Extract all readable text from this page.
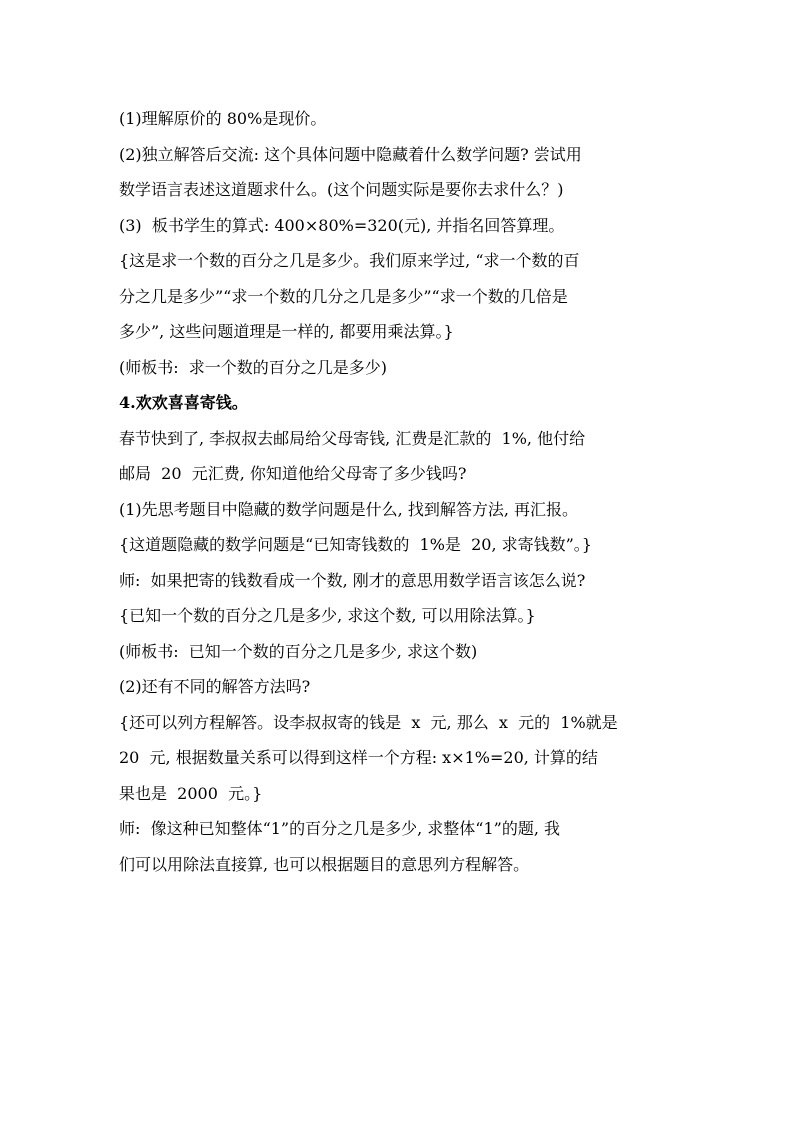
(1)理解原价的 80%是现价。
(2)独立解答后交流: 这个具体问题中隐藏着什么数学问题? 尝试用
数学语言表述这道题求什么。(这个问题实际是要你去求什么？)
(3)  板书学生的算式: 400×80%=320(元), 并指名回答算理。
{这是求一个数的百分之几是多少。我们原来学过, “求一个数的百
分之几是多少”“求一个数的几分之几是多少”“求一个数的几倍是
多少”, 这些问题道理是一样的, 都要用乘法算。}
(师板书:  求一个数的百分之几是多少)
4.欢欢喜喜寄钱。
春节快到了, 李叔叔去邮局给父母寄钱, 汇费是汇款的  1%, 他付给
邮局  20  元汇费, 你知道他给父母寄了多少钱吗?
(1)先思考题目中隐藏的数学问题是什么, 找到解答方法, 再汇报。
{这道题隐藏的数学问题是“已知寄钱数的  1%是  20, 求寄钱数”。}
师:  如果把寄的钱数看成一个数, 刚才的意思用数学语言该怎么说?
{已知一个数的百分之几是多少, 求这个数, 可以用除法算。}
(师板书:  已知一个数的百分之几是多少, 求这个数)
(2)还有不同的解答方法吗?
{还可以列方程解答。设李叔叔寄的钱是  x  元, 那么  x  元的  1%就是
20  元, 根据数量关系可以得到这样一个方程: x×1%=20, 计算的结
果也是  2000  元。}
师:  像这种已知整体“1”的百分之几是多少, 求整体“1”的题, 我
们可以用除法直接算, 也可以根据题目的意思列方程解答。
